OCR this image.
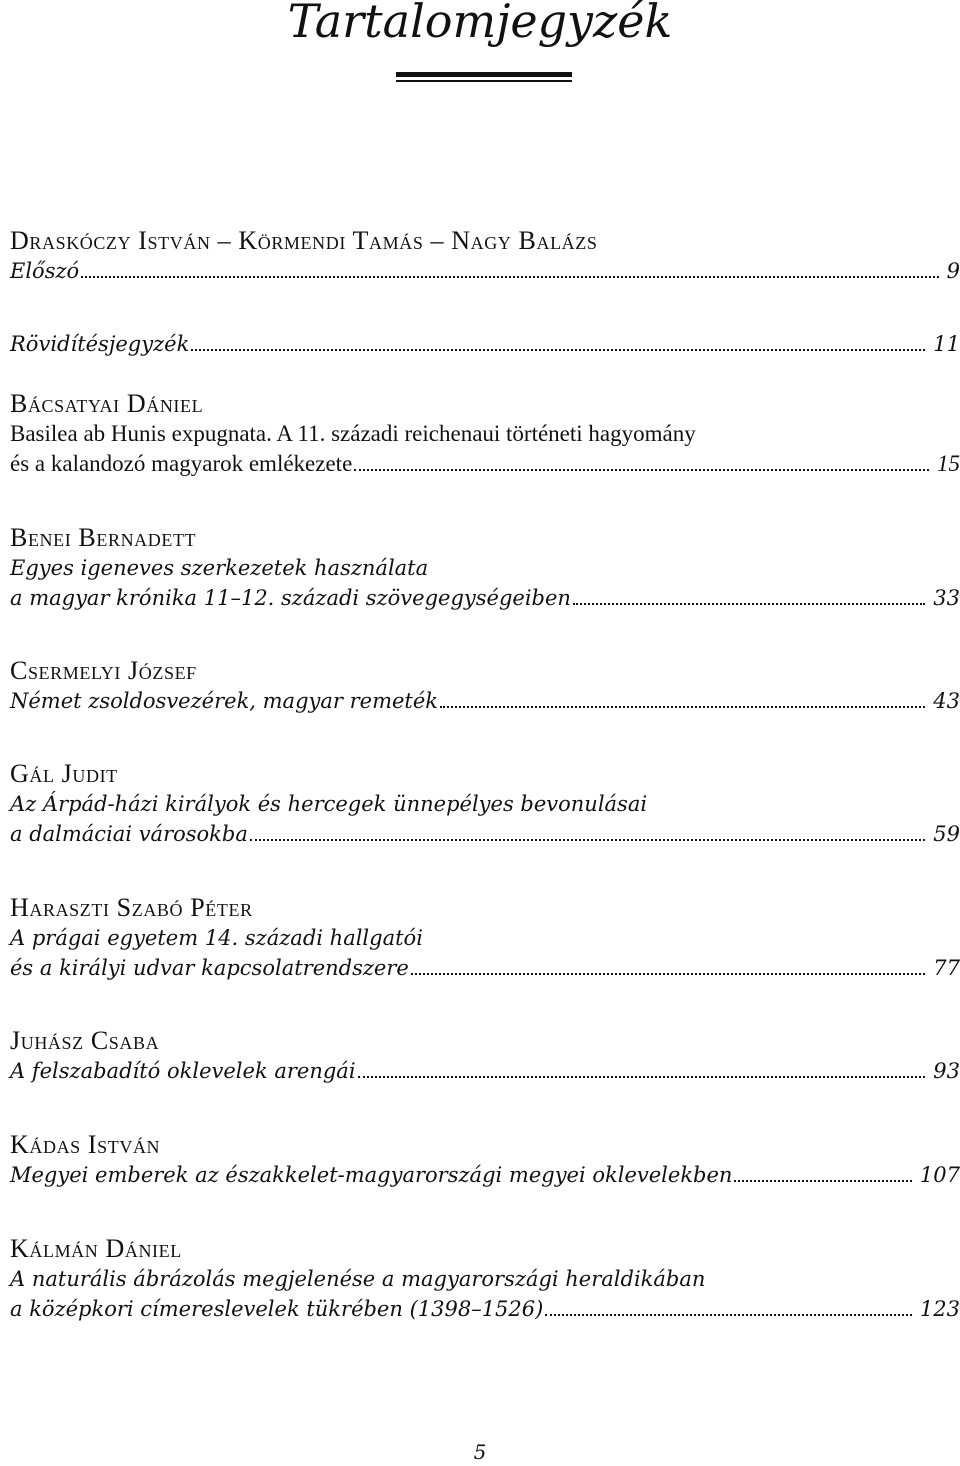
Tartalomjegyzék
Draskóczy István – Körmendi Tamás – Nagy Balázs
Előszó	9
Rövidítésjegyzék	11
Bácsatyai Dániel
Basilea ab Hunis expugnata. A 11. századi reichenaui történeti hagyomány
és a kalandozó magyarok emlékezete	15
Benei Bernadett
Egyes igeneves szerkezetek használata
a magyar krónika 11–12. századi szövegegységeiben	33
Csermelyi József
Német zsoldosvezérek, magyar remeték	43
Gál Judit
Az Árpád-házi királyok és hercegek ünnepélyes bevonulásai
a dalmáciai városokba	59
Haraszti Szabó Péter
A prágai egyetem 14. századi hallgatói
és a királyi udvar kapcsolatrendszere	77
Juhász Csaba
A felszabadító oklevelek arengái	93
Kádas István
Megyei emberek az északkelet-magyarországi megyei oklevelekben	107
Kálmán Dániel
A naturális ábrázolás megjelenése a magyarországi heraldikában
a középkori címereslevelek tükrében (1398–1526)	123
5
